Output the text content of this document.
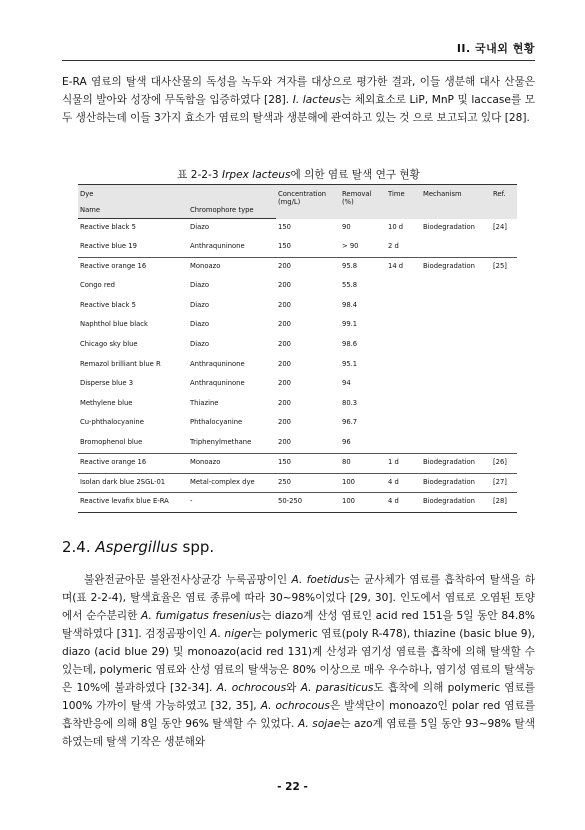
II. 국내외 현황
E-RA 염료의 탈색 대사산물의 독성을 녹두와 겨자를 대상으로 평가한 결과, 이들 생분해 대사 산물은 식물의 발아와 성장에 무독함을 입증하였다 [28]. I. lacteus는 체외효소로 LiP, MnP 및 laccase를 모두 생산하는데 이들 3가지 효소가 염료의 탈색과 생분해에 관여하고 있는 것 으로 보고되고 있다 [28].
표 2-2-3 Irpex lacteus에 의한 염료 탈색 연구 현황
Dye		Concentration (mg/L)	Removal (%)	Time	Mechanism	Ref.
Name	Chromophore type					
Reactive black 5	Diazo	150	90	10 d	Biodegradation	[24]
Reactive blue 19	Anthraquninone	150	> 90	2 d		
Reactive orange 16	Monoazo	200	95.8	14 d	Biodegradation	[25]
Congo red	Diazo	200	55.8			
Reactive black 5	Diazo	200	98.4			
Naphthol blue black	Diazo	200	99.1			
Chicago sky blue	Diazo	200	98.6			
Remazol brilliant blue R	Anthraquninone	200	95.1			
Disperse blue 3	Anthraquninone	200	94			
Methylene blue	Thiazine	200	80.3			
Cu-phthalocyanine	Phthalocyanine	200	96.7			
Bromophenol blue	Triphenylmethane	200	96			
Reactive orange 16	Monoazo	150	80	1 d	Biodegradation	[26]
Isolan dark blue 2SGL-01	Metal-complex dye	250	100	4 d	Biodegradation	[27]
Reactive levafix blue E-RA	-	50-250	100	4 d	Biodegradation	[28]
2.4. Aspergillus spp.
불완전균아문 불완전사상균강 누룩곰팡이인 A. foetidus는 균사체가 염료를 흡착하여 탈색을 하며(표 2-2-4), 탈색효율은 염료 종류에 따라 30~98%이었다 [29, 30]. 인도에서 염료로 오염된 토양에서 순수분리한 A. fumigatus fresenius는 diazo계 산성 염료인 acid red 151을 5일 동안 84.8% 탈색하였다 [31]. 검정곰팡이인 A. niger는 polymeric 염료(poly R-478), thiazine (basic blue 9), diazo (acid blue 29) 및 monoazo(acid red 131)계 산성과 염기성 염료를 흡착에 의해 탈색할 수 있는데, polymeric 염료와 산성 염료의 탈색능은 80% 이상으로 매우 우수하나, 염기성 염료의 탈색능은 10%에 불과하였다 [32-34]. A. ochrocous와 A. parasiticus도 흡착에 의해 polymeric 염료를 100% 가까이 탈색 가능하였고 [32, 35], A. ochrocous은 발색단이 monoazo인 polar red 염료를 흡착반응에 의해 8일 동안 96% 탈색할 수 있었다. A. sojae는 azo계 염료를 5일 동안 93~98% 탈색하였는데 탈색 기작은 생분해와
- 22 -
